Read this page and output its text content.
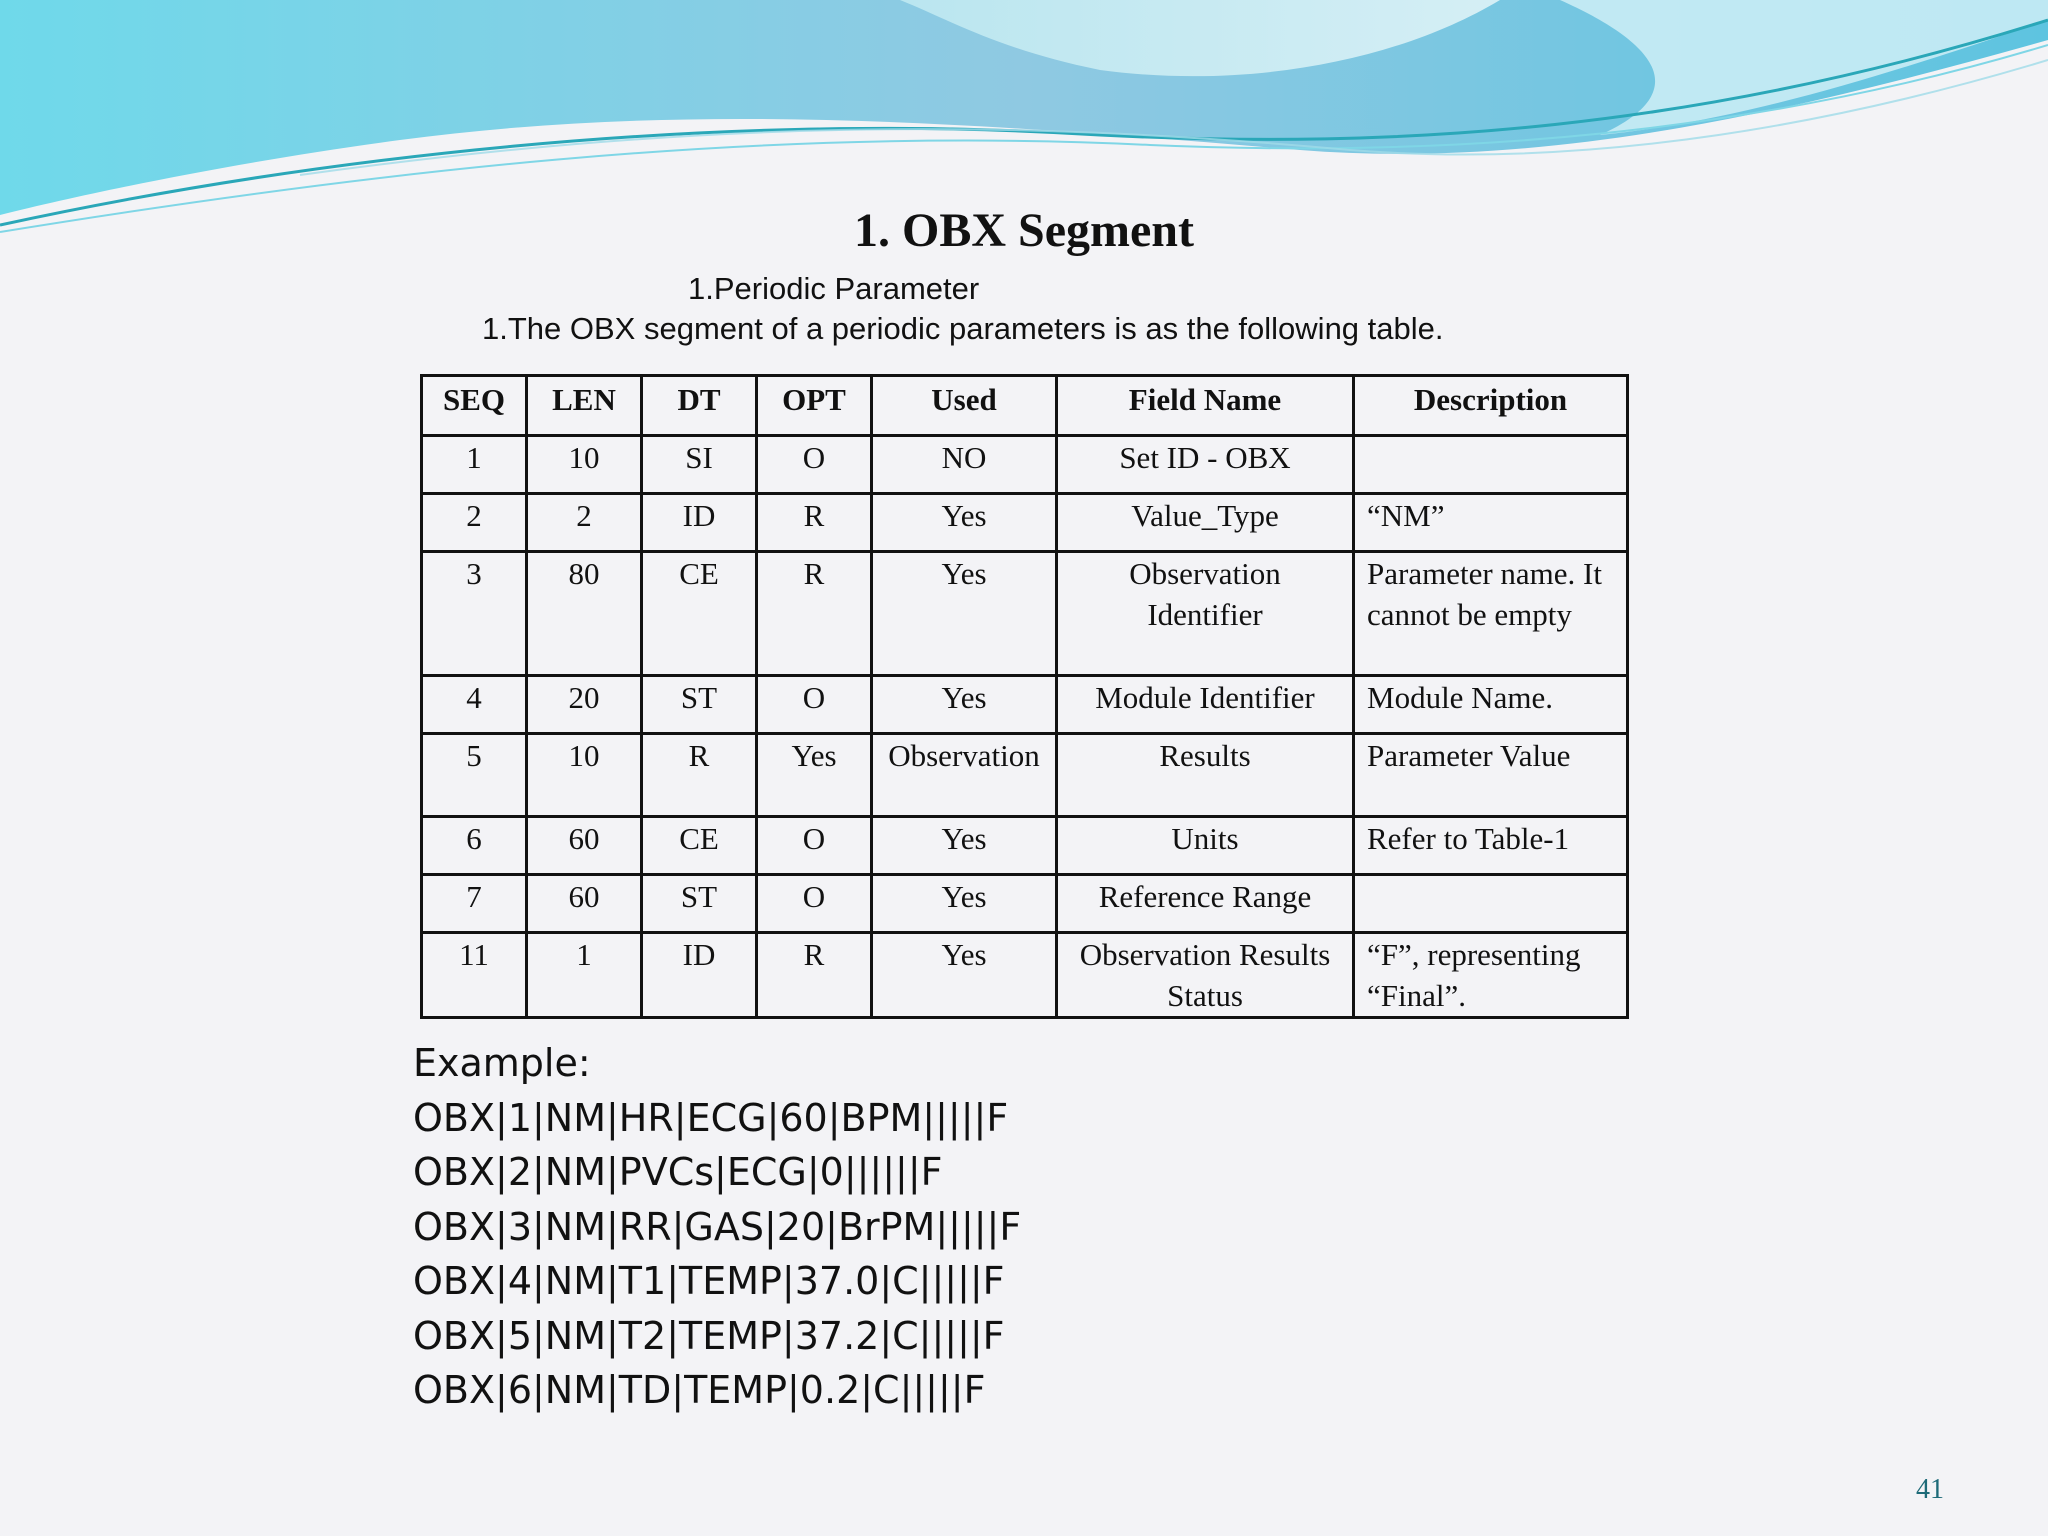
1. OBX Segment
1.Periodic Parameter
1.The OBX segment of a periodic parameters is as the following table.
SEQ	LEN	DT	OPT	Used	Field Name	Description
1	10	SI	O	NO	Set ID - OBX	
2	2	ID	R	Yes	Value_Type	“NM”
3	80	CE	R	Yes	Observation Identifier	Parameter name. It cannot be empty
4	20	ST	O	Yes	Module Identifier	Module Name.
5	10	R	Yes	Observation	Results	Parameter Value
6	60	CE	O	Yes	Units	Refer to Table-1
7	60	ST	O	Yes	Reference Range	
11	1	ID	R	Yes	Observation Results Status	“F”, representing “Final”.
Example:
OBX|1|NM|HR|ECG|60|BPM|||||F
OBX|2|NM|PVCs|ECG|0||||||F
OBX|3|NM|RR|GAS|20|BrPM|||||F
OBX|4|NM|T1|TEMP|37.0|C|||||F
OBX|5|NM|T2|TEMP|37.2|C|||||F
OBX|6|NM|TD|TEMP|0.2|C|||||F
41
